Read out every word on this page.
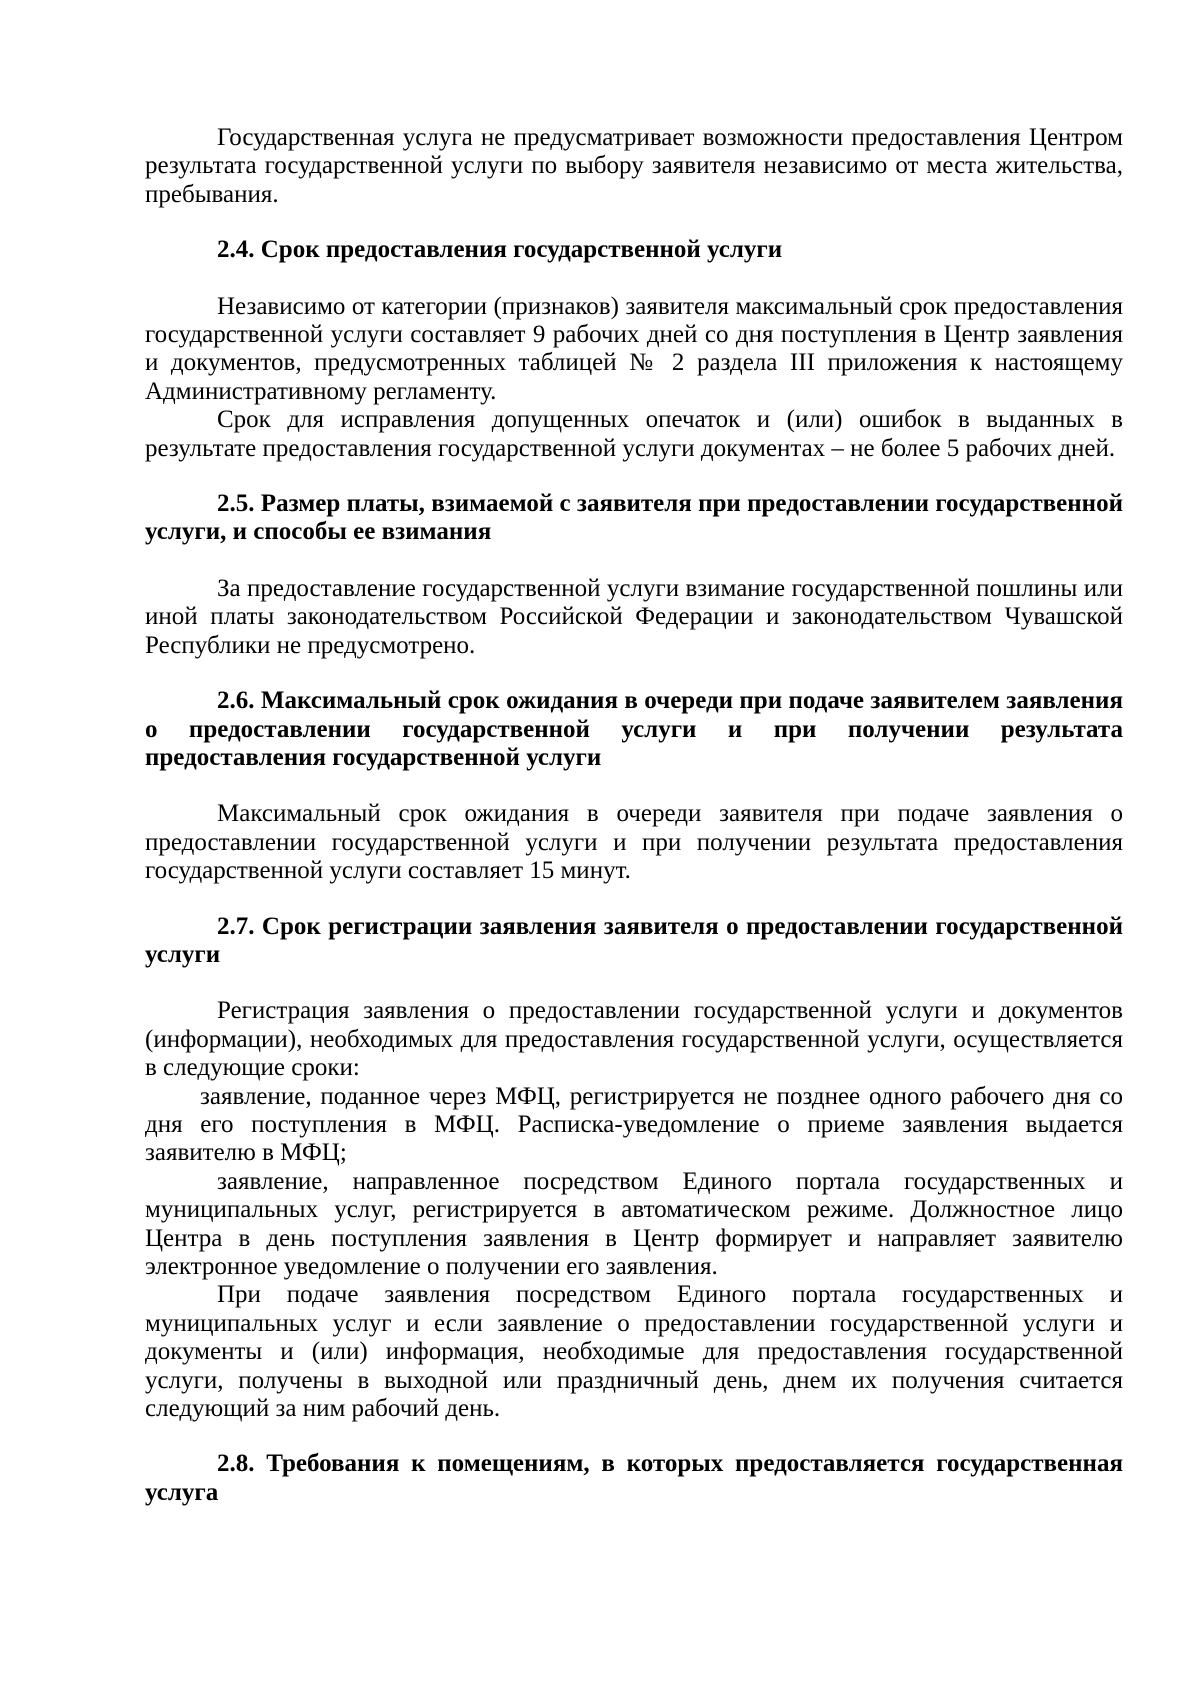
Государственная услуга не предусматривает возможности предоставления Центром результата государственной услуги по выбору заявителя независимо от места жительства, пребывания.

2.4. Срок предоставления государственной услуги

Независимо от категории (признаков) заявителя максимальный срок предоставления государственной услуги составляет 9 рабочих дней со дня поступления в Центр заявления и документов, предусмотренных таблицей № 2 раздела III приложения к настоящему Административному регламенту.

Срок для исправления допущенных опечаток и (или) ошибок в выданных в результате предоставления государственной услуги документах – не более 5 рабочих дней.

2.5. Размер платы, взимаемой с заявителя при предоставлении государственной услуги, и способы ее взимания

За предоставление государственной услуги взимание государственной пошлины или иной платы законодательством Российской Федерации и законодательством Чувашской Республики не предусмотрено.

2.6. Максимальный срок ожидания в очереди при подаче заявителем заявления о предоставлении государственной услуги и при получении результата предоставления государственной услуги

Максимальный срок ожидания в очереди заявителя при подаче заявления о предоставлении государственной услуги и при получении результата предоставления государственной услуги составляет 15 минут.

2.7. Срок регистрации заявления заявителя о предоставлении государственной услуги

Регистрация заявления о предоставлении государственной услуги и документов (информации), необходимых для предоставления государственной услуги, осуществляется в следующие сроки:

заявление, поданное через МФЦ, регистрируется не позднее одного рабочего дня со дня его поступления в МФЦ. Расписка-уведомление о приеме заявления выдается заявителю в МФЦ;

заявление, направленное посредством Единого портала государственных и муниципальных услуг, регистрируется в автоматическом режиме. Должностное лицо Центра в день поступления заявления в Центр формирует и направляет заявителю электронное уведомление о получении его заявления.

При подаче заявления посредством Единого портала государственных и муниципальных услуг и если заявление о предоставлении государственной услуги и документы и (или) информация, необходимые для предоставления государственной услуги, получены в выходной или праздничный день, днем их получения считается следующий за ним рабочий день.

2.8. Требования к помещениям, в которых предоставляется государственная услуга
